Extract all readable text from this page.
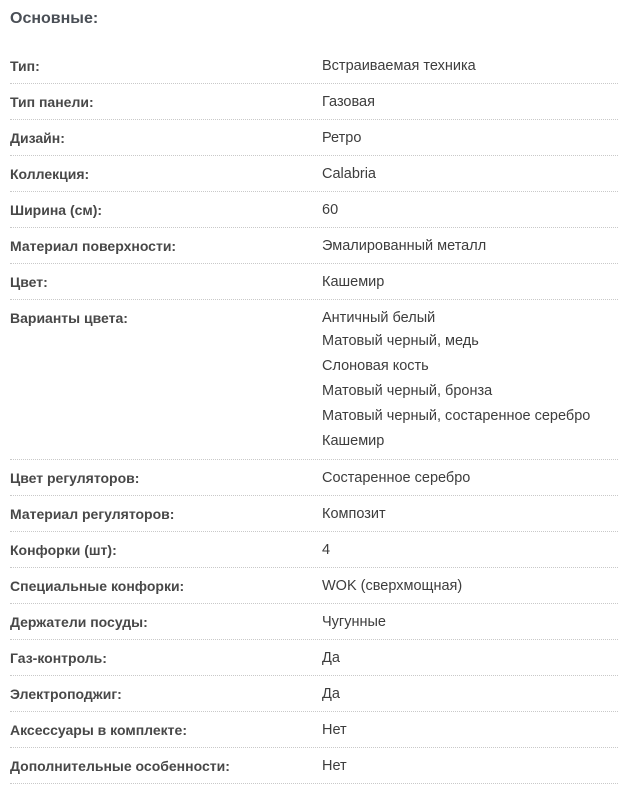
Основные:
Тип:	Встраиваемая техника
Тип панели:	Газовая
Дизайн:	Ретро
Коллекция:	Calabria
Ширина (см):	60
Материал поверхности:	Эмалированный металл
Цвет:	Кашемир
Варианты цвета:	Античный белый
Матовый черный, медь
Слоновая кость
Матовый черный, бронза
Матовый черный, состаренное серебро
Кашемир
Цвет регуляторов:	Состаренное серебро
Материал регуляторов:	Композит
Конфорки (шт):	4
Специальные конфорки:	WOK (сверхмощная)
Держатели посуды:	Чугунные
Газ-контроль:	Да
Электроподжиг:	Да
Аксессуары в комплекте:	Нет
Дополнительные особенности:	Нет
